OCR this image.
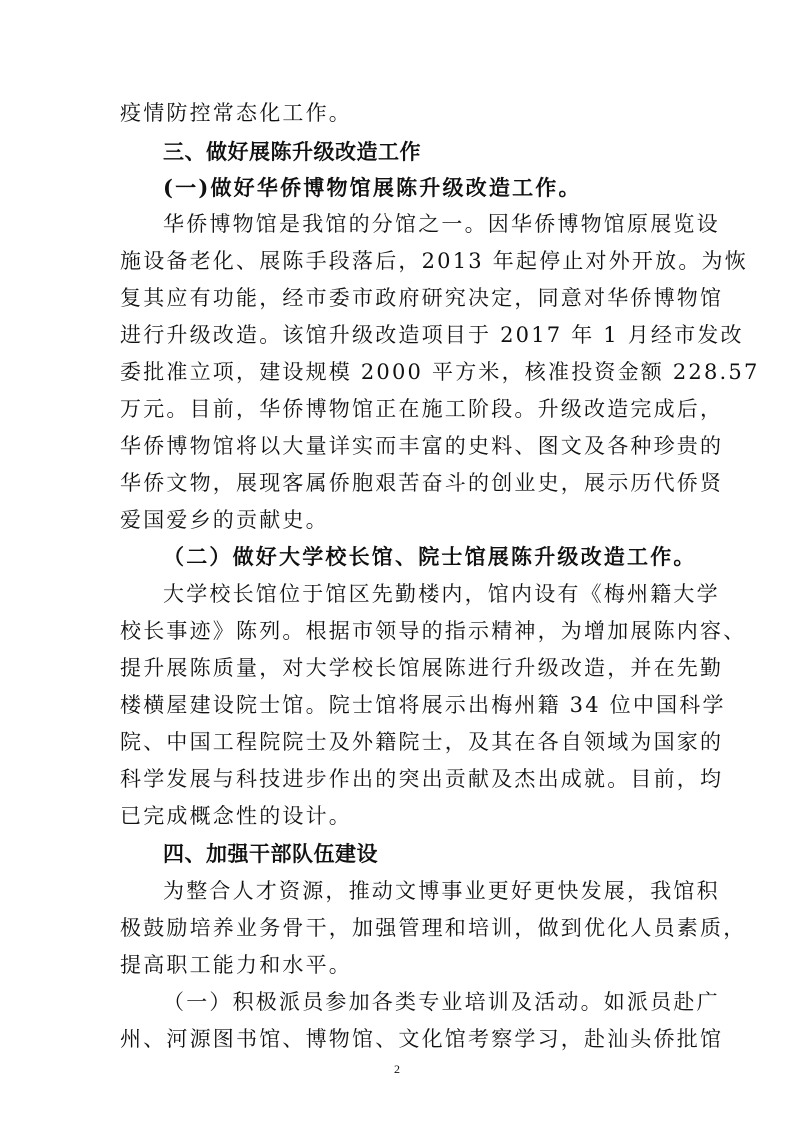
疫情防控常态化工作。
三、做好展陈升级改造工作
(一)做好华侨博物馆展陈升级改造工作。
华侨博物馆是我馆的分馆之一。因华侨博物馆原展览设
施设备老化、展陈手段落后，2013 年起停止对外开放。为恢
复其应有功能，经市委市政府研究决定，同意对华侨博物馆
进行升级改造。该馆升级改造项目于 2017 年 1 月经市发改
委批准立项，建设规模 2000 平方米，核准投资金额 228.57
万元。目前，华侨博物馆正在施工阶段。升级改造完成后，
华侨博物馆将以大量详实而丰富的史料、图文及各种珍贵的
华侨文物，展现客属侨胞艰苦奋斗的创业史，展示历代侨贤
爱国爱乡的贡献史。
（二）做好大学校长馆、院士馆展陈升级改造工作。
大学校长馆位于馆区先勤楼内，馆内设有《梅州籍大学
校长事迹》陈列。根据市领导的指示精神，为增加展陈内容、
提升展陈质量，对大学校长馆展陈进行升级改造，并在先勤
楼横屋建设院士馆。院士馆将展示出梅州籍 34 位中国科学
院、中国工程院院士及外籍院士，及其在各自领域为国家的
科学发展与科技进步作出的突出贡献及杰出成就。目前，均
已完成概念性的设计。
四、加强干部队伍建设
为整合人才资源，推动文博事业更好更快发展，我馆积
极鼓励培养业务骨干，加强管理和培训，做到优化人员素质，
提高职工能力和水平。
（一）积极派员参加各类专业培训及活动。如派员赴广
州、河源图书馆、博物馆、文化馆考察学习，赴汕头侨批馆
2
